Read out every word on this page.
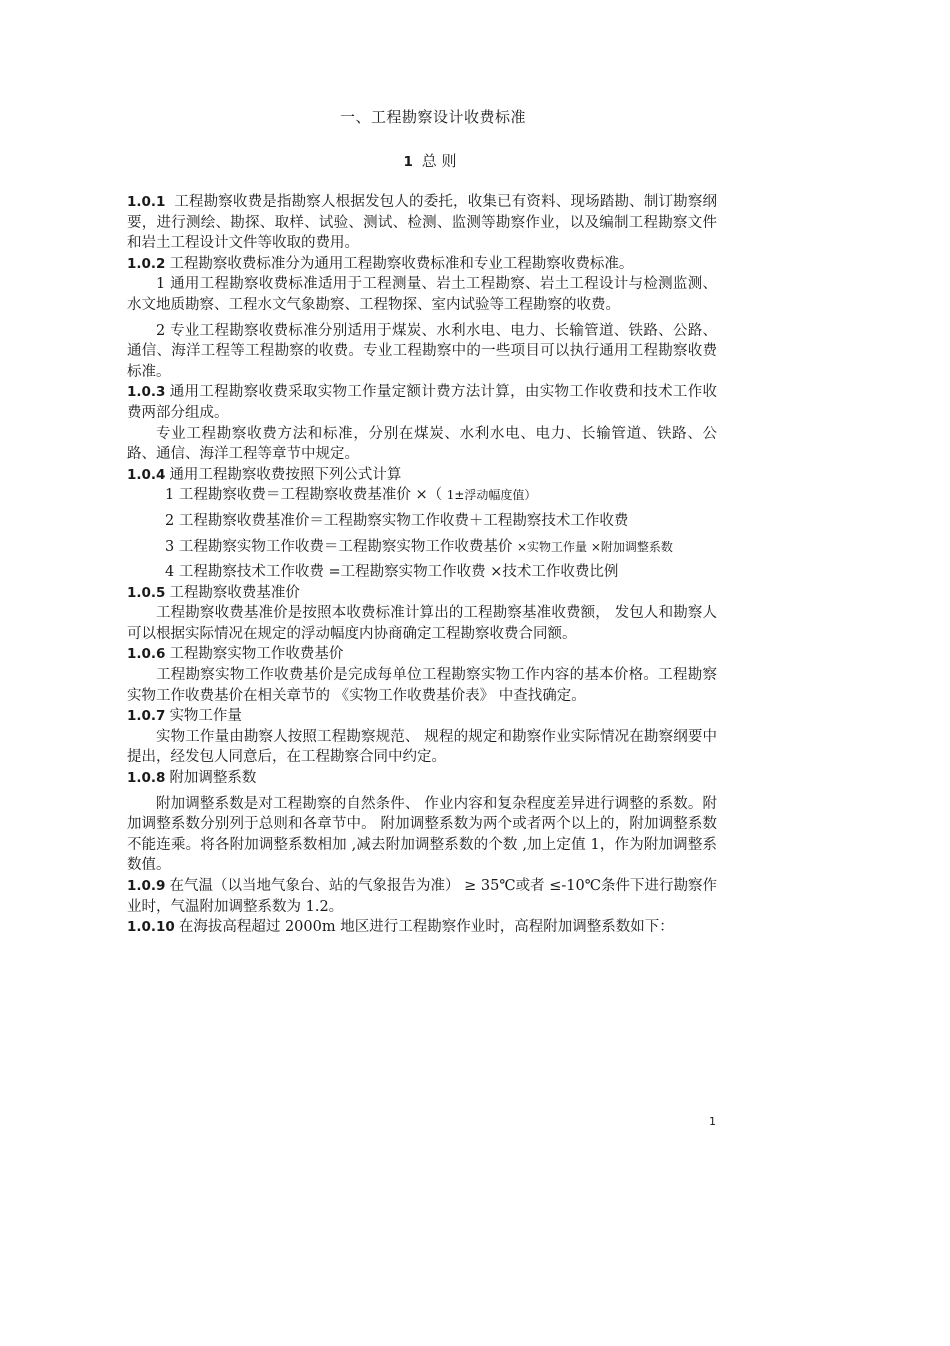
一、工程勘察设计收费标准
1 总 则

1.0.1 工程勘察收费是指勘察人根据发包人的委托，收集已有资料、现场踏勘、制订勘察纲要，进行测绘、勘探、取样、试验、测试、检测、监测等勘察作业，以及编制工程勘察文件和岩土工程设计文件等收取的费用。

1.0.2 工程勘察收费标准分为通用工程勘察收费标准和专业工程勘察收费标准。

1 通用工程勘察收费标准适用于工程测量、岩土工程勘察、岩土工程设计与检测监测、水文地质勘察、工程水文气象勘察、工程物探、室内试验等工程勘察的收费。

2 专业工程勘察收费标准分别适用于煤炭、水利水电、电力、长输管道、铁路、公路、通信、海洋工程等工程勘察的收费。专业工程勘察中的一些项目可以执行通用工程勘察收费标准。

1.0.3 通用工程勘察收费采取实物工作量定额计费方法计算，由实物工作收费和技术工作收费两部分组成。

专业工程勘察收费方法和标准，分别在煤炭、水利水电、电力、长输管道、铁路、公路、通信、海洋工程等章节中规定。

1.0.4 通用工程勘察收费按照下列公式计算

1 工程勘察收费＝工程勘察收费基准价 ×（ 1±浮动幅度值）

2 工程勘察收费基准价＝工程勘察实物工作收费＋工程勘察技术工作收费

3 工程勘察实物工作收费＝工程勘察实物工作收费基价 ×实物工作量 ×附加调整系数

4 工程勘察技术工作收费 =工程勘察实物工作收费 ×技术工作收费比例

1.0.5 工程勘察收费基准价

工程勘察收费基准价是按照本收费标准计算出的工程勘察基准收费额， 发包人和勘察人可以根据实际情况在规定的浮动幅度内协商确定工程勘察收费合同额。

1.0.6 工程勘察实物工作收费基价

工程勘察实物工作收费基价是完成每单位工程勘察实物工作内容的基本价格。工程勘察实物工作收费基价在相关章节的 《实物工作收费基价表》 中查找确定。

1.0.7 实物工作量

实物工作量由勘察人按照工程勘察规范、 规程的规定和勘察作业实际情况在勘察纲要中提出，经发包人同意后，在工程勘察合同中约定。

1.0.8 附加调整系数

附加调整系数是对工程勘察的自然条件、 作业内容和复杂程度差异进行调整的系数。附加调整系数分别列于总则和各章节中。 附加调整系数为两个或者两个以上的，附加调整系数不能连乘。将各附加调整系数相加 ,减去附加调整系数的个数 ,加上定值 1，作为附加调整系数值。

1.0.9 在气温（以当地气象台、站的气象报告为准） ≥ 35℃或者 ≤-10℃条件下进行勘察作业时，气温附加调整系数为 1.2。

1.0.10 在海拔高程超过 2000m 地区进行工程勘察作业时，高程附加调整系数如下：

1
